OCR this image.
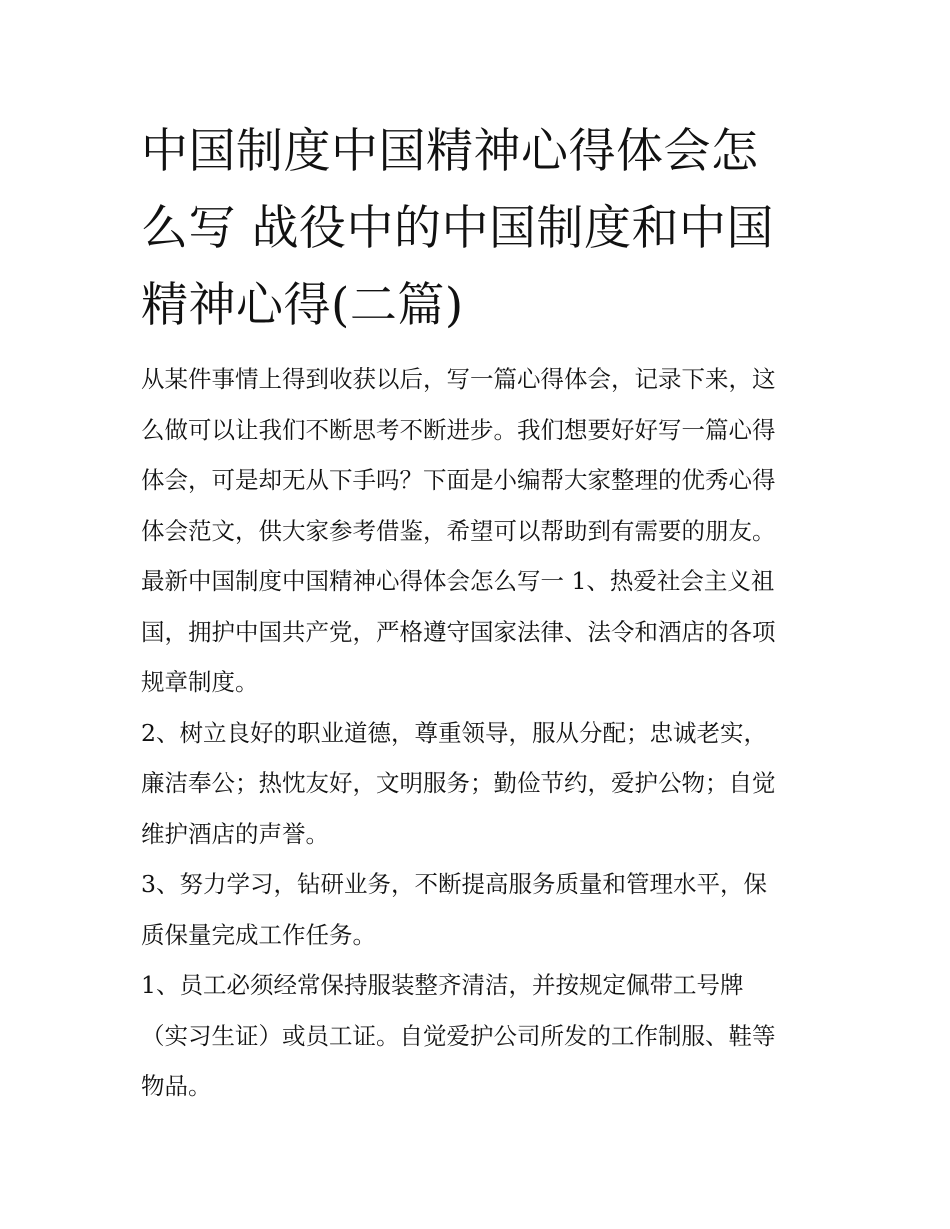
中国制度中国精神心得体会怎
么写 战役中的中国制度和中国
精神心得(二篇)
从某件事情上得到收获以后，写一篇心得体会，记录下来，这
么做可以让我们不断思考不断进步。我们想要好好写一篇心得
体会，可是却无从下手吗？下面是小编帮大家整理的优秀心得
体会范文，供大家参考借鉴，希望可以帮助到有需要的朋友。
最新中国制度中国精神心得体会怎么写一 1、热爱社会主义祖
国，拥护中国共产党，严格遵守国家法律、法令和酒店的各项
规章制度。
2、树立良好的职业道德，尊重领导，服从分配；忠诚老实，
廉洁奉公；热忱友好，文明服务；勤俭节约，爱护公物；自觉
维护酒店的声誉。
3、努力学习，钻研业务，不断提高服务质量和管理水平，保
质保量完成工作任务。
1、员工必须经常保持服装整齐清洁，并按规定佩带工号牌
（实习生证）或员工证。自觉爱护公司所发的工作制服、鞋等
物品。
